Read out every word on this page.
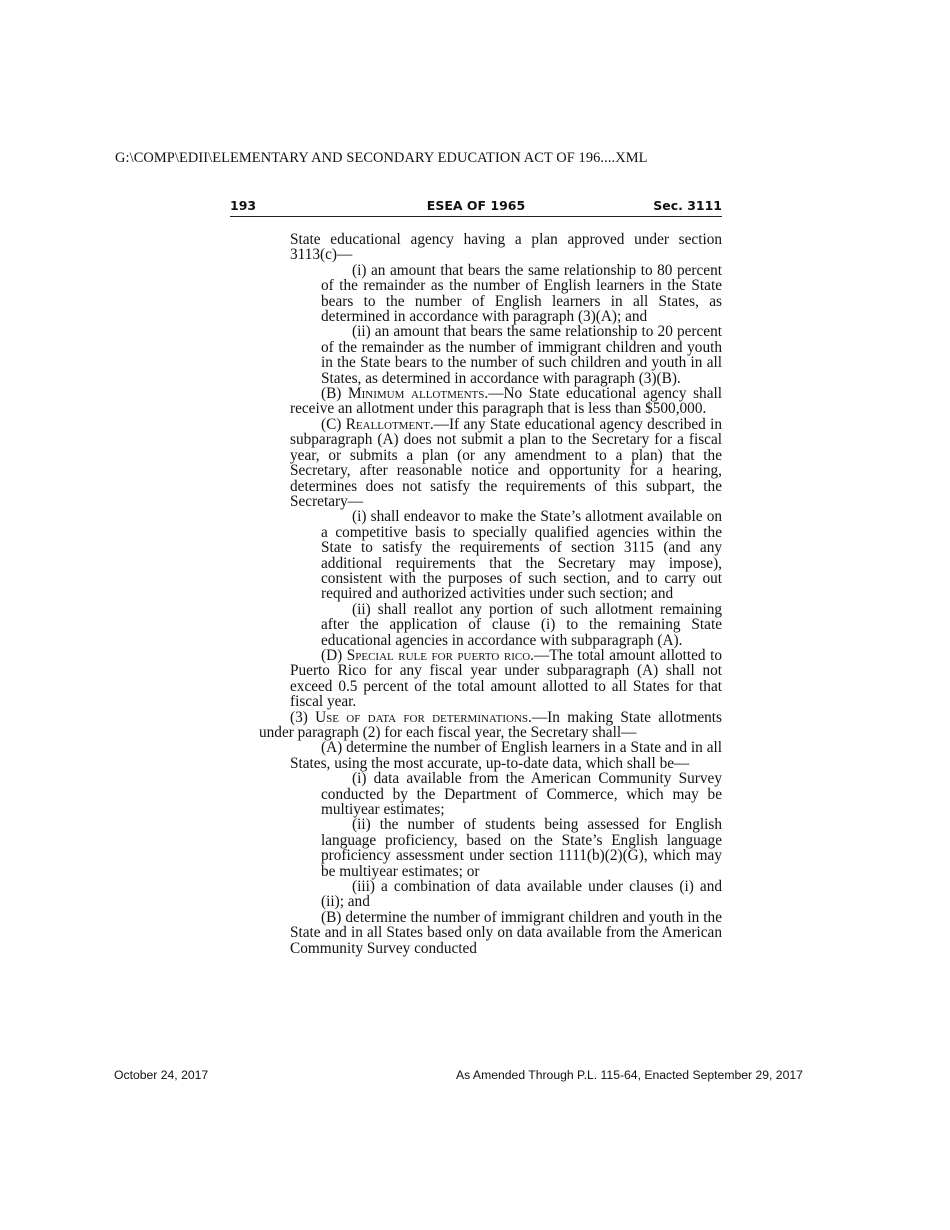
G:\COMP\EDII\ELEMENTARY AND SECONDARY EDUCATION ACT OF 196....XML
193	ESEA OF 1965	Sec. 3111
State educational agency having a plan approved under section 3113(c)—
(i) an amount that bears the same relationship to 80 percent of the remainder as the number of English learners in the State bears to the number of English learners in all States, as determined in accordance with paragraph (3)(A); and
(ii) an amount that bears the same relationship to 20 percent of the remainder as the number of immigrant children and youth in the State bears to the number of such children and youth in all States, as determined in accordance with paragraph (3)(B).
(B) Minimum allotments.—No State educational agency shall receive an allotment under this paragraph that is less than $500,000.
(C) Reallotment.—If any State educational agency described in subparagraph (A) does not submit a plan to the Secretary for a fiscal year, or submits a plan (or any amendment to a plan) that the Secretary, after reasonable notice and opportunity for a hearing, determines does not satisfy the requirements of this subpart, the Secretary—
(i) shall endeavor to make the State’s allotment available on a competitive basis to specially qualified agencies within the State to satisfy the requirements of section 3115 (and any additional requirements that the Secretary may impose), consistent with the purposes of such section, and to carry out required and authorized activities under such section; and
(ii) shall reallot any portion of such allotment remaining after the application of clause (i) to the remaining State educational agencies in accordance with subparagraph (A).
(D) Special rule for puerto rico.—The total amount allotted to Puerto Rico for any fiscal year under subparagraph (A) shall not exceed 0.5 percent of the total amount allotted to all States for that fiscal year.
(3) Use of data for determinations.—In making State allotments under paragraph (2) for each fiscal year, the Secretary shall—
(A) determine the number of English learners in a State and in all States, using the most accurate, up-to-date data, which shall be—
(i) data available from the American Community Survey conducted by the Department of Commerce, which may be multiyear estimates;
(ii) the number of students being assessed for English language proficiency, based on the State’s English language proficiency assessment under section 1111(b)(2)(G), which may be multiyear estimates; or
(iii) a combination of data available under clauses (i) and (ii); and
(B) determine the number of immigrant children and youth in the State and in all States based only on data available from the American Community Survey conducted
October 24, 2017	As Amended Through P.L. 115-64, Enacted September 29, 2017
